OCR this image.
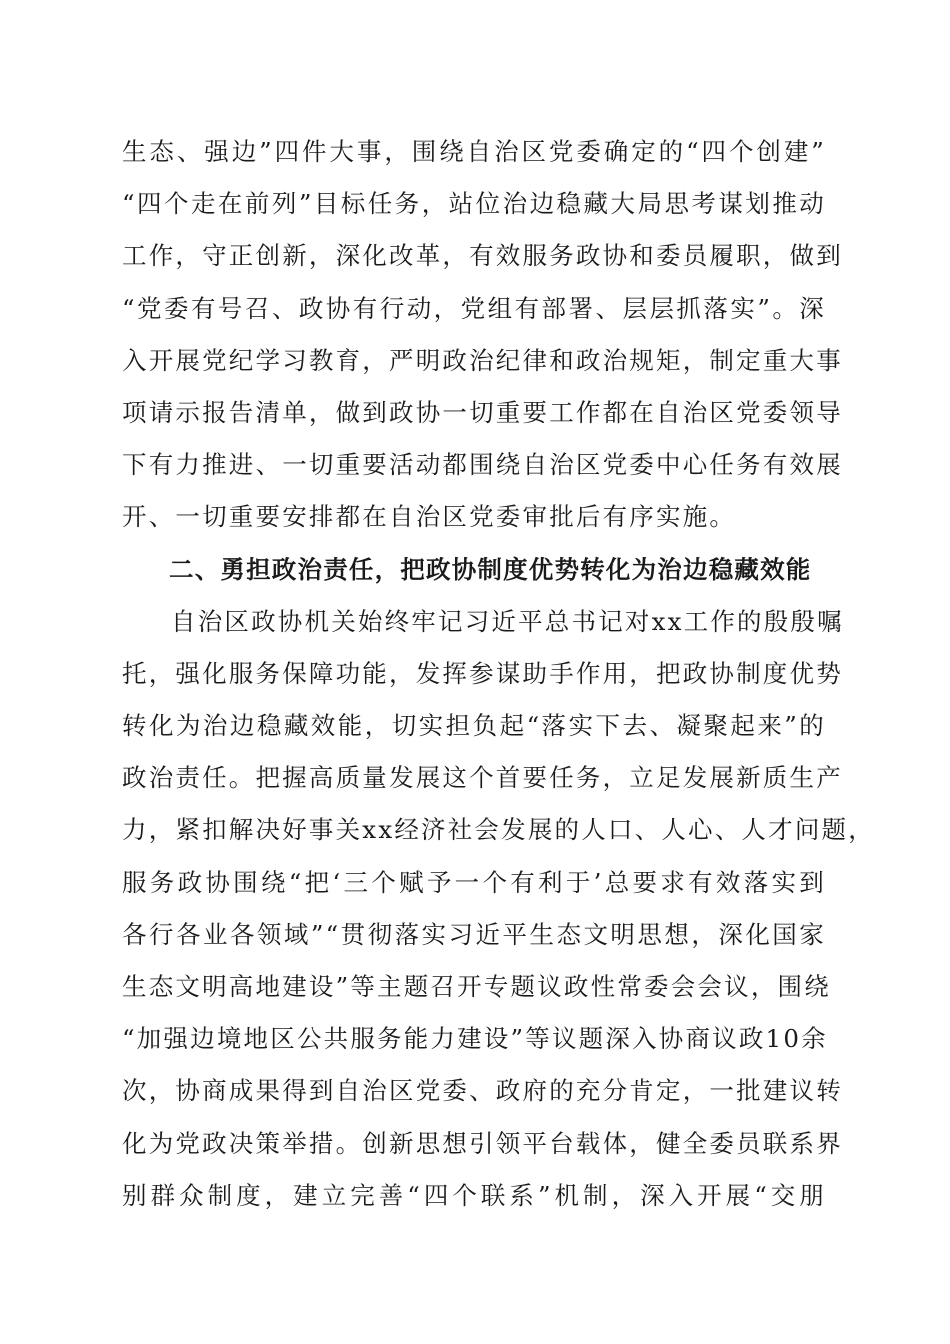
生态、强边”四件大事，围绕自治区党委确定的“四个创建”
“四个走在前列”目标任务，站位治边稳藏大局思考谋划推动
工作，守正创新，深化改革，有效服务政协和委员履职，做到
“党委有号召、政协有行动，党组有部署、层层抓落实”。深
入开展党纪学习教育，严明政治纪律和政治规矩，制定重大事
项请示报告清单，做到政协一切重要工作都在自治区党委领导
下有力推进、一切重要活动都围绕自治区党委中心任务有效展
开、一切重要安排都在自治区党委审批后有序实施。
二、勇担政治责任，把政协制度优势转化为治边稳藏效能
自治区政协机关始终牢记习近平总书记对xx工作的殷殷嘱
托，强化服务保障功能，发挥参谋助手作用，把政协制度优势
转化为治边稳藏效能，切实担负起“落实下去、凝聚起来”的
政治责任。把握高质量发展这个首要任务，立足发展新质生产
力，紧扣解决好事关xx经济社会发展的人口、人心、人才问题，
服务政协围绕“把‘三个赋予一个有利于’总要求有效落实到
各行各业各领域”“贯彻落实习近平生态文明思想，深化国家
生态文明高地建设”等主题召开专题议政性常委会会议，围绕
“加强边境地区公共服务能力建设”等议题深入协商议政10余
次，协商成果得到自治区党委、政府的充分肯定，一批建议转
化为党政决策举措。创新思想引领平台载体，健全委员联系界
别群众制度，建立完善“四个联系”机制，深入开展“交朋
